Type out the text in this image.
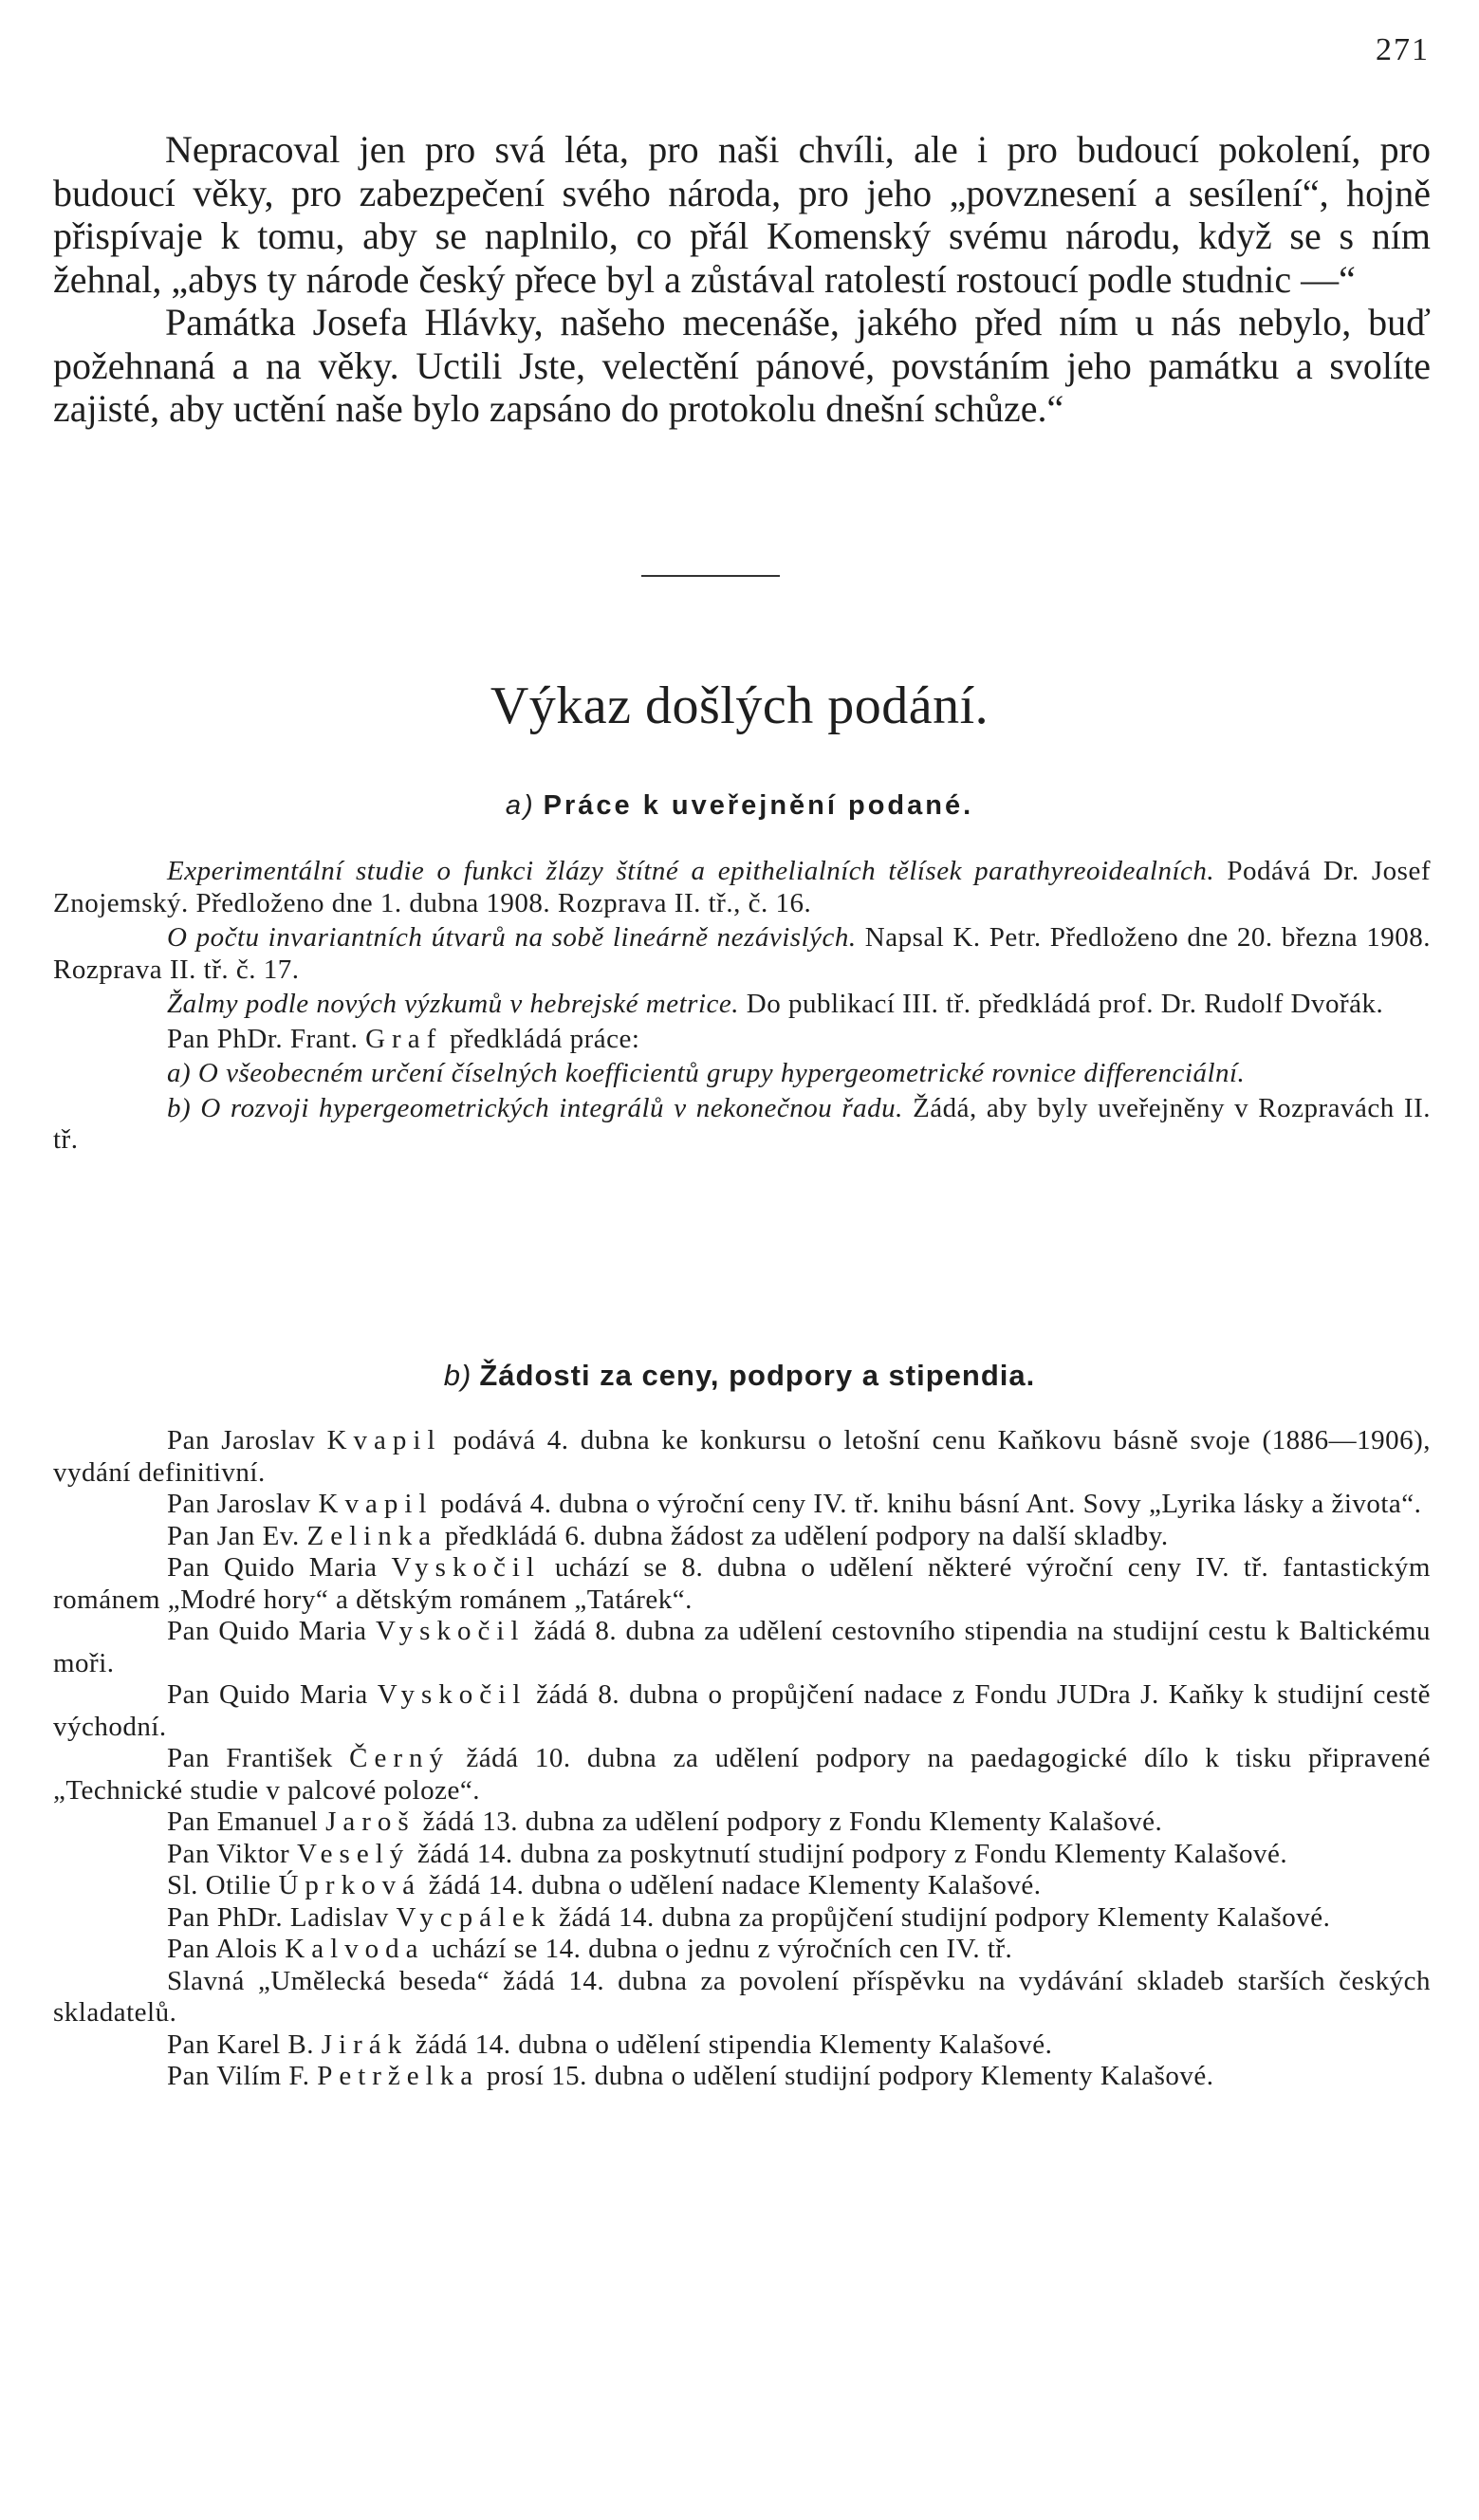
271

Nepracoval jen pro svá léta, pro naši chvíli, ale i pro budoucí pokolení, pro budoucí věky, pro zabezpečení svého národa, pro jeho „povznesení a sesílení“, hojně přispívaje k tomu, aby se naplnilo, co přál Komenský svému národu, když se s ním žehnal, „abys ty národe český přece byl a zůstával ratolestí rostoucí podle studnic —“

Památka Josefa Hlávky, našeho mecenáše, jakého před ním u nás nebylo, buď požehnaná a na věky. Uctili Jste, velectění pánové, povstáním jeho památku a svolíte zajisté, aby uctění naše bylo zapsáno do protokolu dnešní schůze.“

Výkaz došlých podání.
a) Práce k uveřejnění podané.

Experimentální studie o funkci žlázy štítné a epithelialních tělísek parathyreoidealních. Podává Dr. Josef Znojemský. Předloženo dne 1. dubna 1908. Rozprava II. tř., č. 16.

O počtu invariantních útvarů na sobě lineárně nezávislých. Napsal K. Petr. Předloženo dne 20. března 1908. Rozprava II. tř. č. 17.

Žalmy podle nových výzkumů v hebrejské metrice. Do publikací III. tř. předkládá prof. Dr. Rudolf Dvořák.

Pan PhDr. Frant. Graf předkládá práce:

a) O všeobecném určení číselných koefficientů grupy hypergeometrické rovnice differenciální.

b) O rozvoji hypergeometrických integrálů v nekonečnou řadu. Žádá, aby byly uveřejněny v Rozpravách II. tř.

b) Žádosti za ceny, podpory a stipendia.

Pan Jaroslav Kvapil podává 4. dubna ke konkursu o letošní cenu Kaňkovu básně svoje (1886—1906), vydání definitivní.

Pan Jaroslav Kvapil podává 4. dubna o výroční ceny IV. tř. knihu básní Ant. Sovy „Lyrika lásky a života“.

Pan Jan Ev. Zelinka předkládá 6. dubna žádost za udělení podpory na další skladby.

Pan Quido Maria Vyskočil uchází se 8. dubna o udělení některé výroční ceny IV. tř. fantastickým románem „Modré hory“ a dětským románem „Tatárek“.

Pan Quido Maria Vyskočil žádá 8. dubna za udělení cestovního stipendia na studijní cestu k Baltickému moři.

Pan Quido Maria Vyskočil žádá 8. dubna o propůjčení nadace z Fondu JUDra J. Kaňky k studijní cestě východní.

Pan František Černý žádá 10. dubna za udělení podpory na paedagogické dílo k tisku připravené „Technické studie v palcové poloze“.

Pan Emanuel Jaroš žádá 13. dubna za udělení podpory z Fondu Klementy Kalašové.

Pan Viktor Veselý žádá 14. dubna za poskytnutí studijní podpory z Fondu Klementy Kalašové.

Sl. Otilie Úprková žádá 14. dubna o udělení nadace Klementy Kalašové.

Pan PhDr. Ladislav Vycpálek žádá 14. dubna za propůjčení studijní podpory Klementy Kalašové.

Pan Alois Kalvoda uchází se 14. dubna o jednu z výročních cen IV. tř.

Slavná „Umělecká beseda“ žádá 14. dubna za povolení příspěvku na vydávání skladeb starších českých skladatelů.

Pan Karel B. Jirák žádá 14. dubna o udělení stipendia Klementy Kalašové.

Pan Vilím F. Petrželka prosí 15. dubna o udělení studijní podpory Klementy Kalašové.
